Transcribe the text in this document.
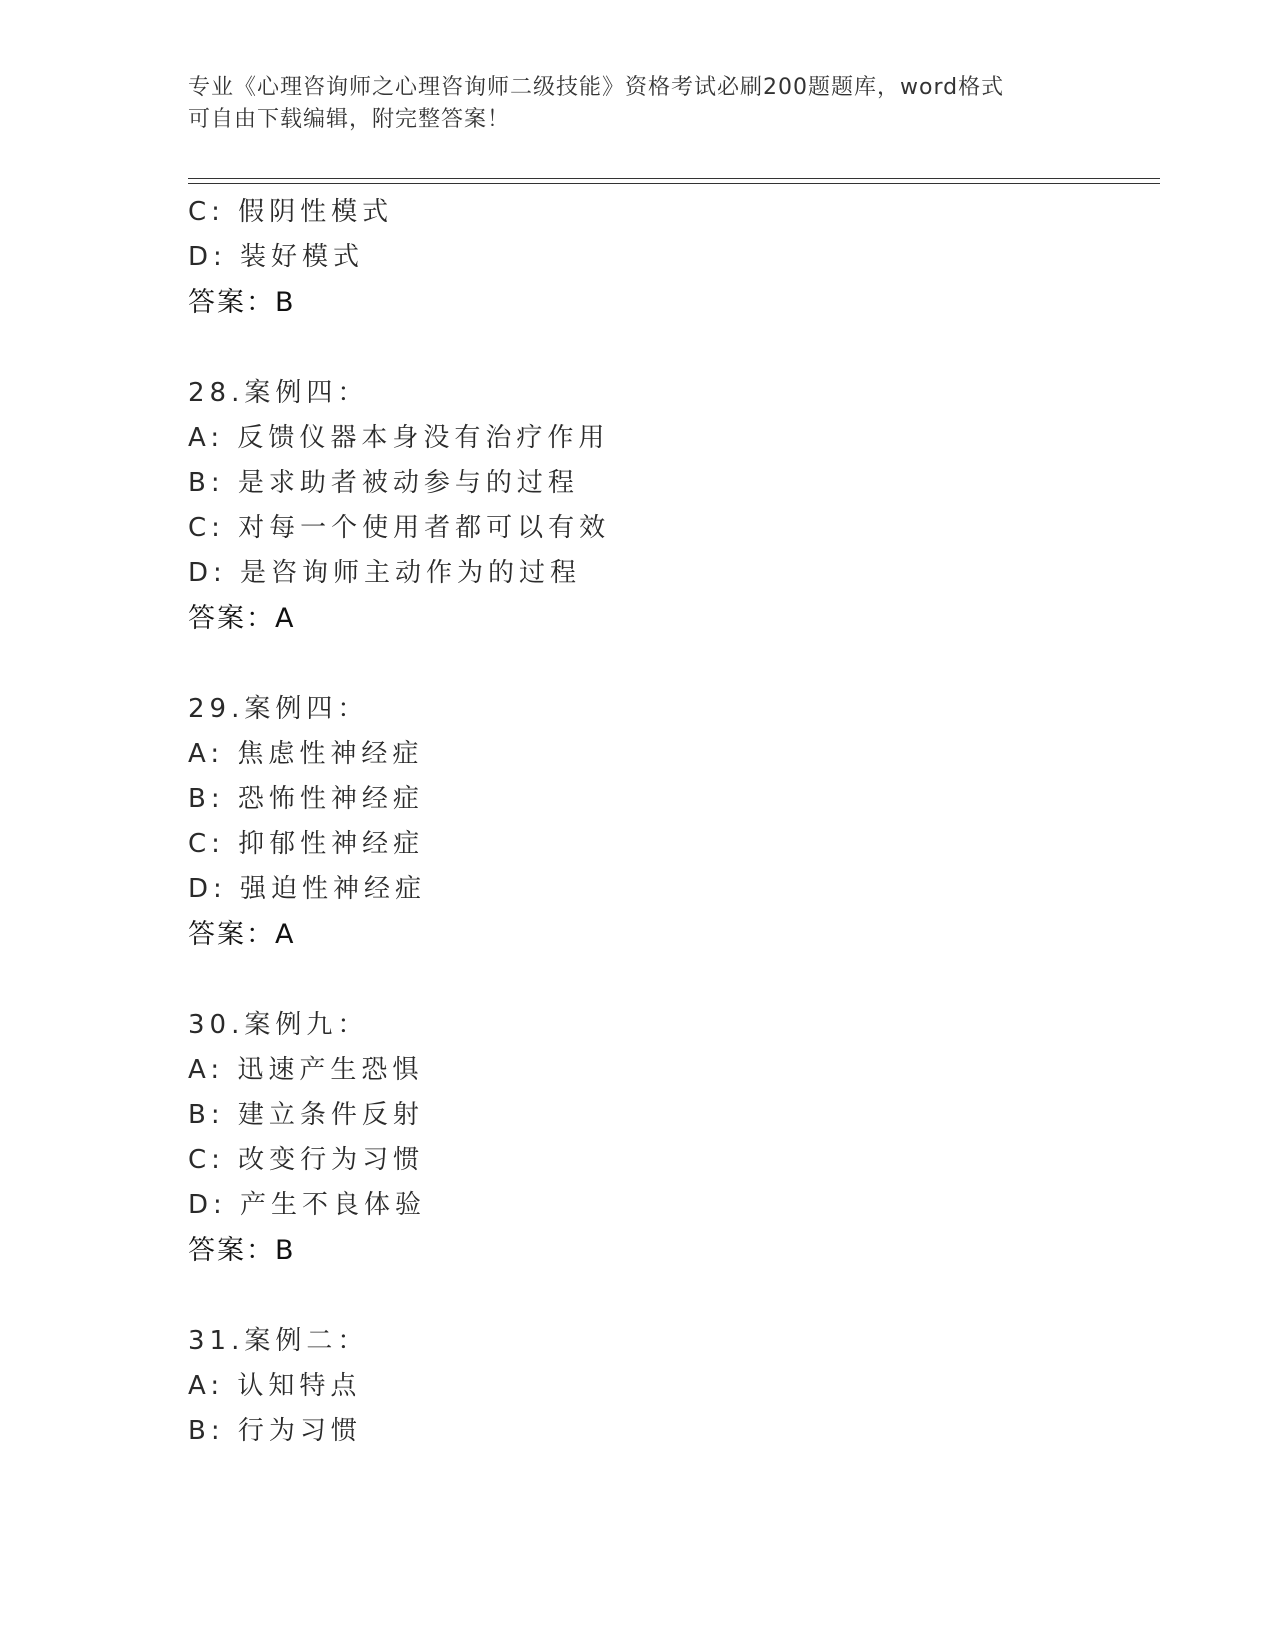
专业《心理咨询师之心理咨询师二级技能》资格考试必刷200题题库，word格式
可自由下载编辑，附完整答案！
C: 假阴性模式
D: 装好模式
答案：B
28.案例四：
A: 反馈仪器本身没有治疗作用
B: 是求助者被动参与的过程
C: 对每一个使用者都可以有效
D: 是咨询师主动作为的过程
答案：A
29.案例四：
A: 焦虑性神经症
B: 恐怖性神经症
C: 抑郁性神经症
D: 强迫性神经症
答案：A
30.案例九：
A: 迅速产生恐惧
B: 建立条件反射
C: 改变行为习惯
D: 产生不良体验
答案：B
31.案例二：
A: 认知特点
B: 行为习惯
